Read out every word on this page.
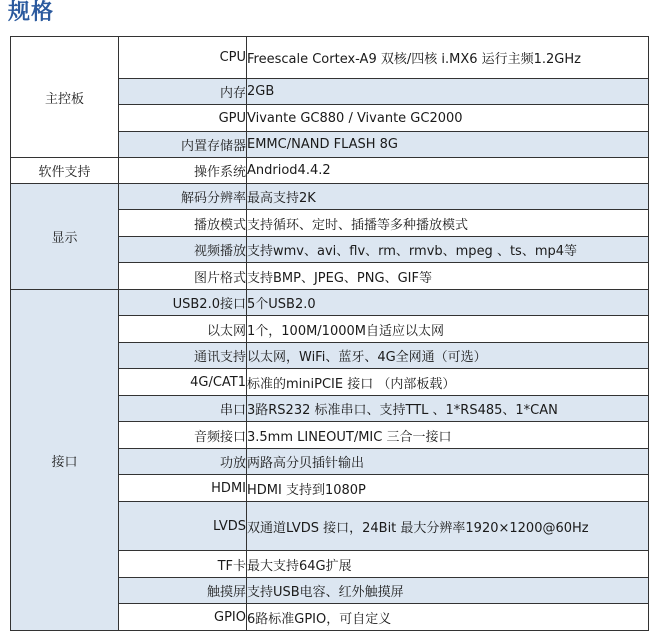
规格
主控板	CPU	Freescale Cortex-A9 双核/四核 i.MX6 运行主频1.2GHz
	内存	2GB
	GPU	Vivante GC880 / Vivante GC2000
	内置存储器	EMMC/NAND FLASH 8G
软件支持	操作系统	Andriod4.4.2
显示	解码分辨率	最高支持2K
	播放模式	支持循环、定时、插播等多种播放模式
	视频播放	支持wmv、avi、flv、rm、rmvb、mpeg 、ts、mp4等
	图片格式	支持BMP、JPEG、PNG、GIF等
接口	USB2.0接口	5个USB2.0
	以太网	1个，100M/1000M自适应以太网
	通讯支持	以太网，WiFi、蓝牙、4G全网通（可选）
	4G/CAT1	标准的miniPCIE 接口 （内部板载）
	串口	3路RS232 标准串口、支持TTL 、1*RS485、1*CAN
	音频接口	3.5mm LINEOUT/MIC 三合一接口
	功放	两路高分贝插针输出
	HDMI	HDMI 支持到1080P
	LVDS	双通道LVDS 接口，24Bit 最大分辨率1920×1200@60Hz
	TF卡	最大支持64G扩展
	触摸屏	支持USB电容、红外触摸屏
	GPIO	6路标准GPIO，可自定义
